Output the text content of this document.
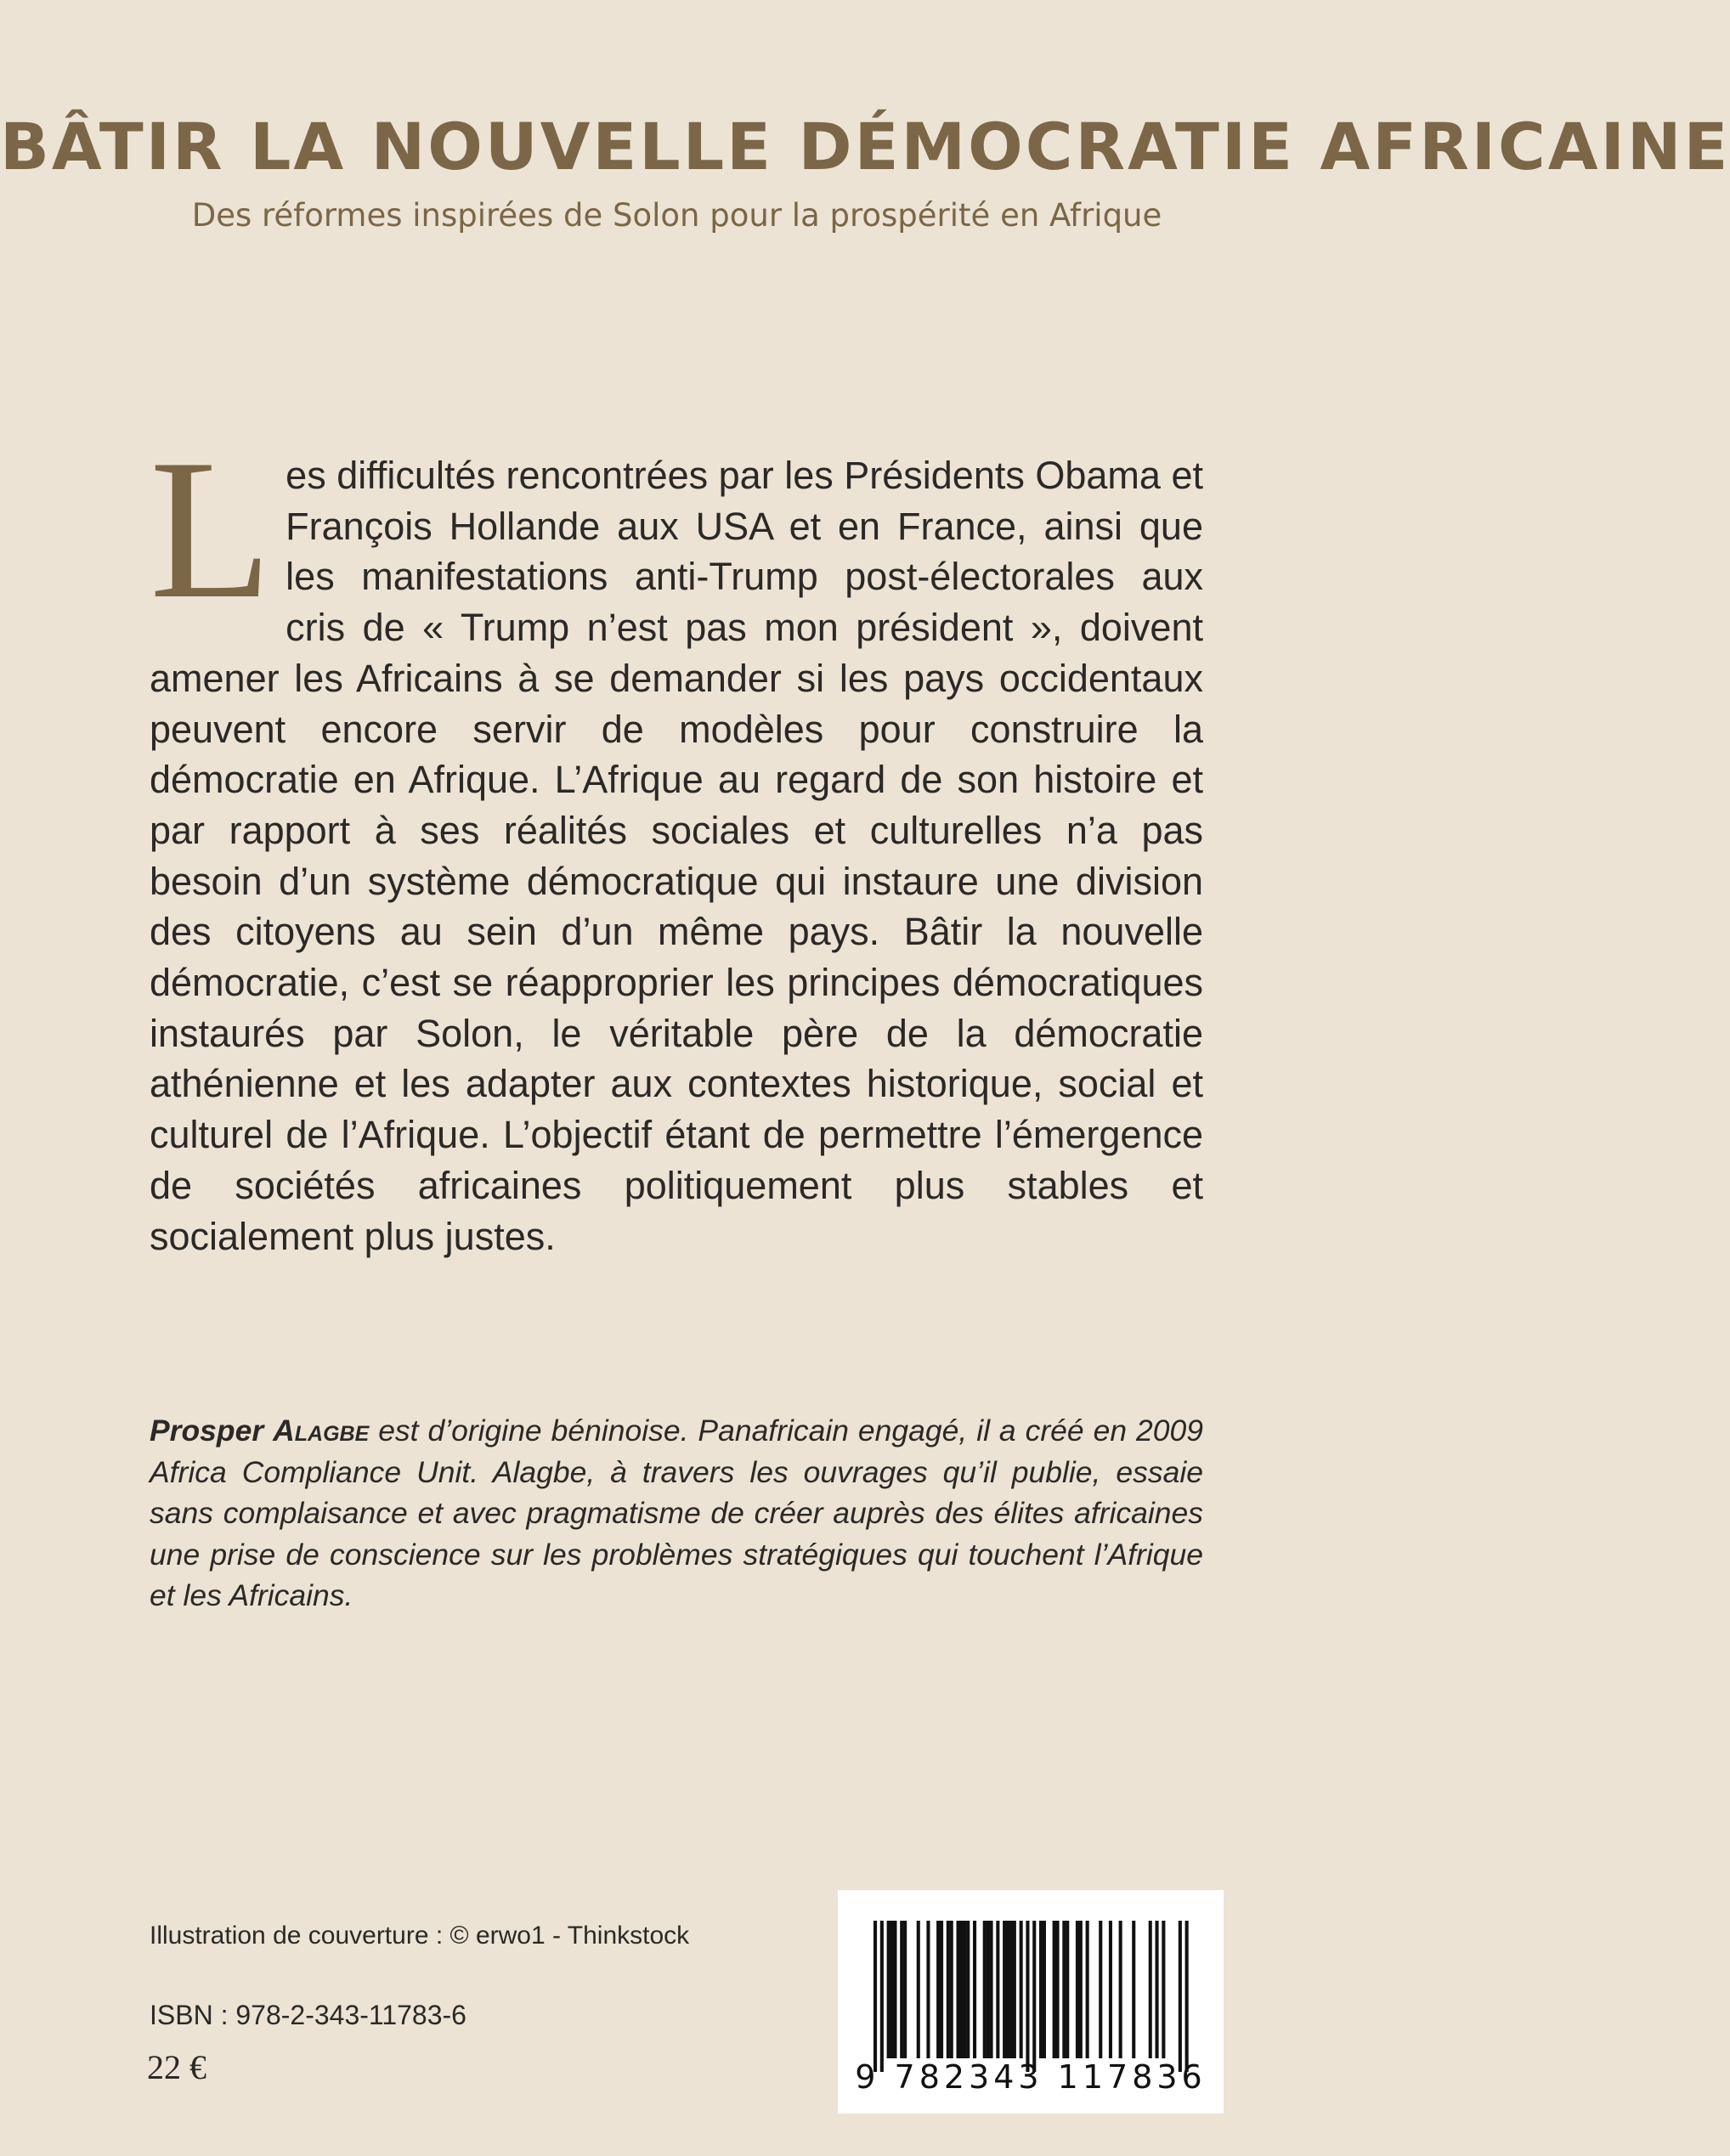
BÂTIR LA NOUVELLE DÉMOCRATIE AFRICAINE
Des réformes inspirées de Solon pour la prospérité en Afrique
L es difficultés rencontrées par les Présidents Obama et François Hollande aux USA et en France, ainsi que les manifestations anti-Trump post-électorales aux cris de « Trump n’est pas mon président », doivent amener les Africains à se demander si les pays occidentaux peuvent encore servir de modèles pour construire la démocratie en Afrique. L’Afrique au regard de son histoire et par rapport à ses réalités sociales et culturelles n’a pas besoin d’un système démocratique qui instaure une division des citoyens au sein d’un même pays. Bâtir la nouvelle démocratie, c’est se réapproprier les principes démocratiques instaurés par Solon, le véritable père de la démocratie athénienne et les adapter aux contextes historique, social et culturel de l’Afrique. L’objectif étant de permettre l’émergence de sociétés africaines politiquement plus stables et socialement plus justes.
Prosper Alagbe est d’origine béninoise. Panafricain engagé, il a créé en 2009 Africa Compliance Unit. Alagbe, à travers les ouvrages qu’il publie, essaie sans complaisance et avec pragmatisme de créer auprès des élites africaines une prise de conscience sur les problèmes stratégiques qui touchent l’Afrique et les Africains.
Illustration de couverture : © erwo1 - Thinkstock
ISBN : 978-2-343-11783-6
22 €	9 782343 117836
